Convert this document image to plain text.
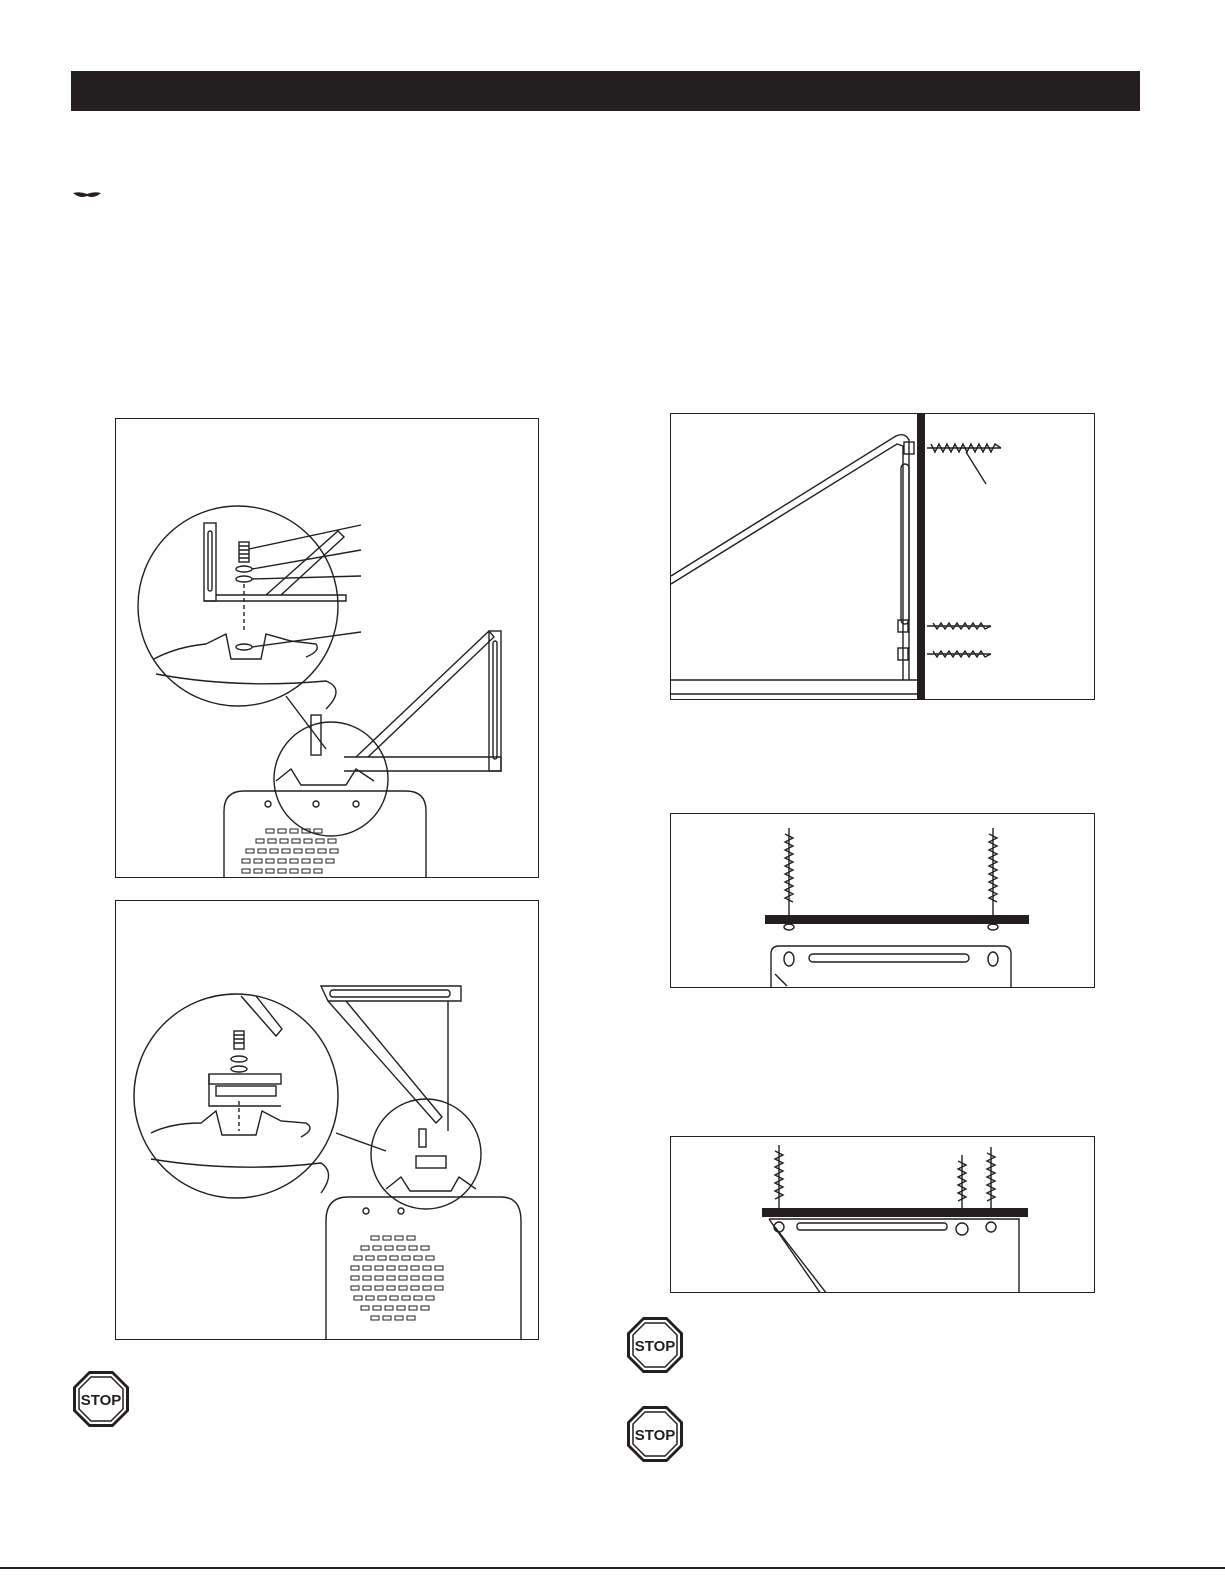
STOP
STOP
STOP
